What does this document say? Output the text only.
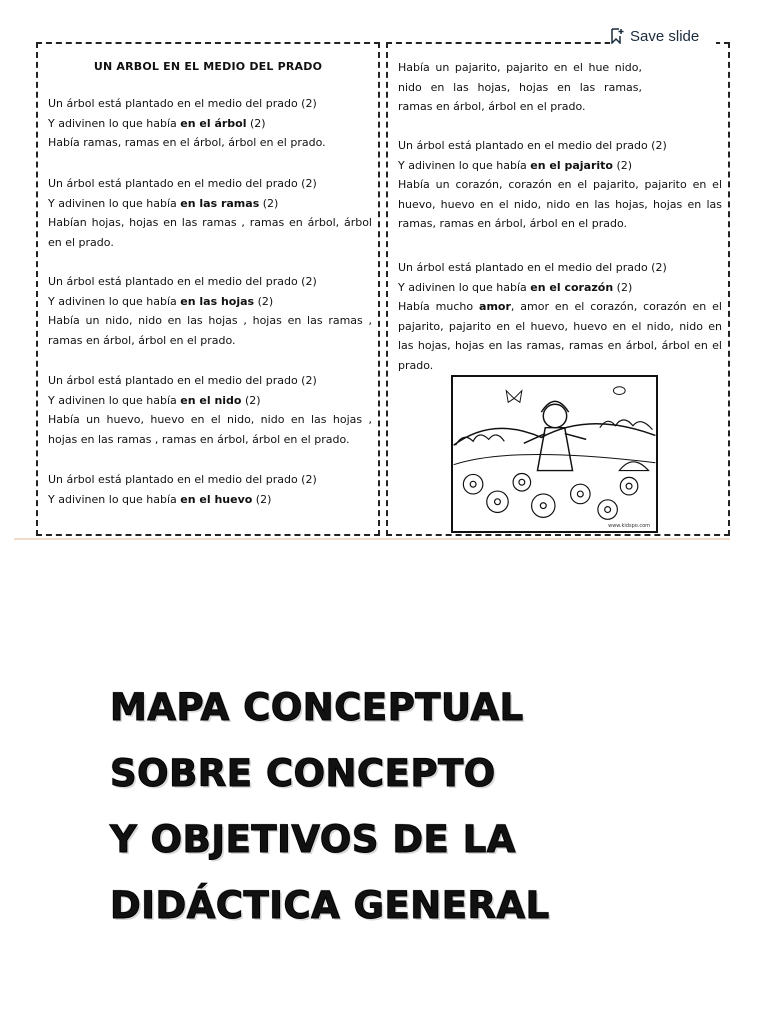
UN ARBOL EN EL MEDIO DEL PRADO
Un árbol está plantado en el medio del prado (2)
Y adivinen lo que había en el árbol (2)
Había ramas, ramas en el árbol, árbol en el prado.
Un árbol está plantado en el medio del prado (2)
Y adivinen lo que había en las ramas (2)
Habían hojas, hojas en las ramas , ramas en árbol, árbol en el prado.
Un árbol está plantado en el medio del prado (2)
Y adivinen lo que había en las hojas (2)
Había un nido, nido en las hojas , hojas en las ramas , ramas en árbol, árbol en el prado.
Un árbol está plantado en el medio del prado (2)
Y adivinen lo que había en el nido (2)
Había un huevo, huevo en el nido, nido en las hojas , hojas en las ramas , ramas en árbol, árbol en el prado.
Un árbol está plantado en el medio del prado (2)
Y adivinen lo que había en el huevo (2)
Había un pajarito, pajarito en el hue nido, nido en las hojas, hojas en las ramas, ramas en árbol, árbol en el prado.
Un árbol está plantado en el medio del prado (2)
Y adivinen lo que había en el pajarito (2)
Había un corazón, corazón en el pajarito, pajarito en el huevo, huevo en el nido, nido en las hojas, hojas en las ramas, ramas en árbol, árbol en el prado.
Un árbol está plantado en el medio del prado (2)
Y adivinen lo que había en el corazón (2)
Había mucho amor, amor en el corazón, corazón en el pajarito, pajarito en el huevo, huevo en el nido, nido en las hojas, hojas en las ramas, ramas en árbol, árbol en el prado.
www.kidspo.com
Save slide
MAPA CONCEPTUAL
SOBRE CONCEPTO
Y OBJETIVOS DE LA
DIDÁCTICA GENERAL
